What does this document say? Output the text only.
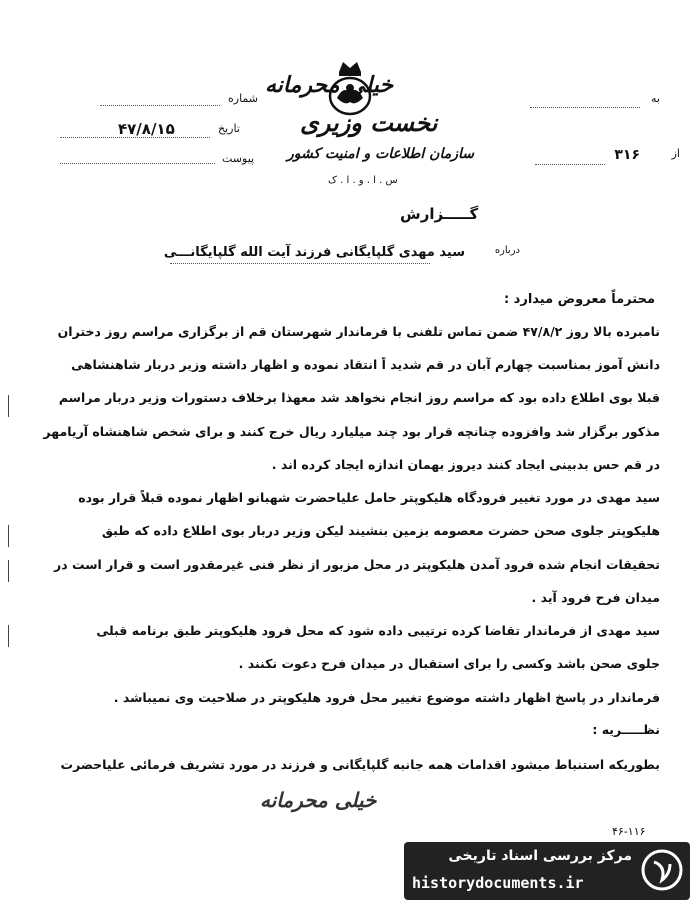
به
از
۳۱۶
شماره
تاریخ
۴۷/۸/۱۵
پیوست
خیلی محرمانه
نخست وزیری
سازمان اطلاعات و امنیت کشور
س . ا . و . ا . ک
گـــــزارش
درباره
سید مهدی گلپایگانی فرزند آیت الله گلپایگانـــی
محترماً معروض میدارد :
نامبرده بالا روز ۴۷/۸/۲ ضمن تماس تلفنی با فرماندار شهرستان قم از برگزاری مراسم روز دختران
دانش آموز بمناسبت چهارم آبان در قم شدید اً انتقاد نموده و اظهار داشته وزیر دربار شاهنشاهی
قبلا بوی اطلاع داده بود که مراسم روز انجام نخواهد شد معهذا برخلاف دستورات وزیر دربار مراسم
مذکور برگزار شد وافزوده چنانچه قرار بود چند میلیارد ریال خرج کنند و برای شخص شاهنشاه آریامهر
در قم حس بدبینی ایجاد کنند دیروز بهمان اندازه ایجاد کرده اند .
سید مهدی در مورد تغییر فرودگاه هلیکوپتر حامل علیاحضرت شهبانو اظهار نموده قبلاً قرار بوده
هلیکوپتر جلوی صحن حضرت معصومه بزمین بنشیند لیکن وزیر دربار بوی اطلاع داده که طبق
تحقیقات انجام شده فرود آمدن هلیکوپتر در محل مزبور از نظر فنی غیرمقدور است و قرار است در
میدان فرح فرود آید .
سید مهدی از فرماندار تقاضا کرده ترتیبی داده شود که محل فرود هلیکوپتر طبق برنامه قبلی
جلوی صحن باشد وکسی را برای استقبال در میدان فرح دعوت نکنند .
فرماندار در پاسخ اظهار داشته موضوع تغییر محل فرود هلیکوپتر در صلاحیت وی نمیباشد .
نظـــــریه :
بطوریکه استنباط میشود اقدامات همه جانبه گلپایگانی و فرزند در مورد تشریف فرمائی علیاحضرت
خیلی محرمانه
۴۶-۱۱۶
مرکز بررسی اسناد تاریخی
historydocuments.ir
